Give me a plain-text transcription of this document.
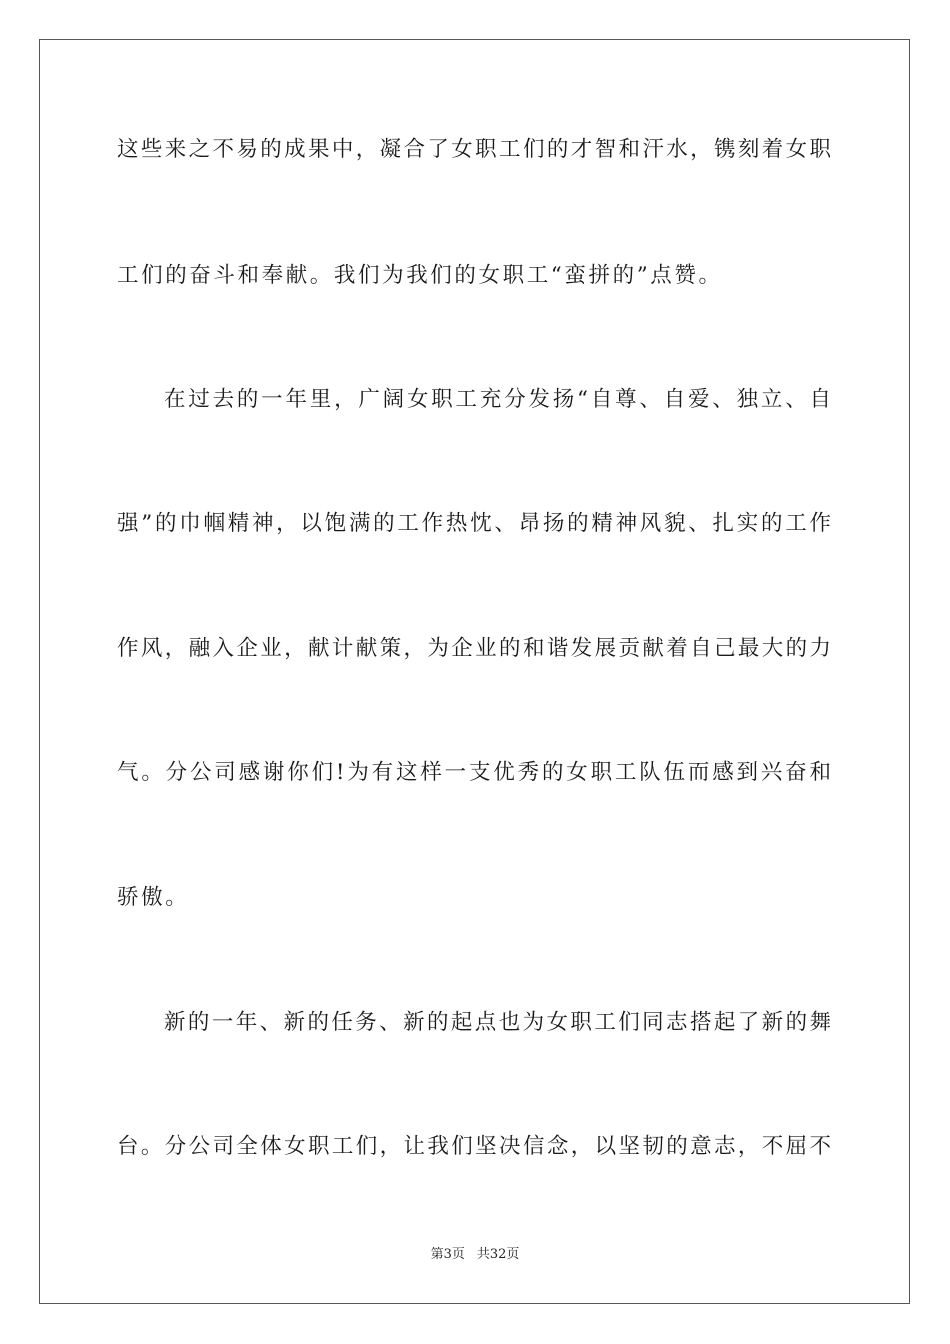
这些来之不易的成果中，凝合了女职工们的才智和汗水，镌刻着女职
工们的奋斗和奉献。我们为我们的女职工“蛮拼的”点赞。
在过去的一年里，广阔女职工充分发扬“自尊、自爱、独立、自
强”的巾帼精神，以饱满的工作热忱、昂扬的精神风貌、扎实的工作
作风，融入企业，献计献策，为企业的和谐发展贡献着自己最大的力
气。分公司感谢你们!为有这样一支优秀的女职工队伍而感到兴奋和
骄傲。
新的一年、新的任务、新的起点也为女职工们同志搭起了新的舞
台。分公司全体女职工们，让我们坚决信念，以坚韧的意志，不屈不
第3页 共32页
